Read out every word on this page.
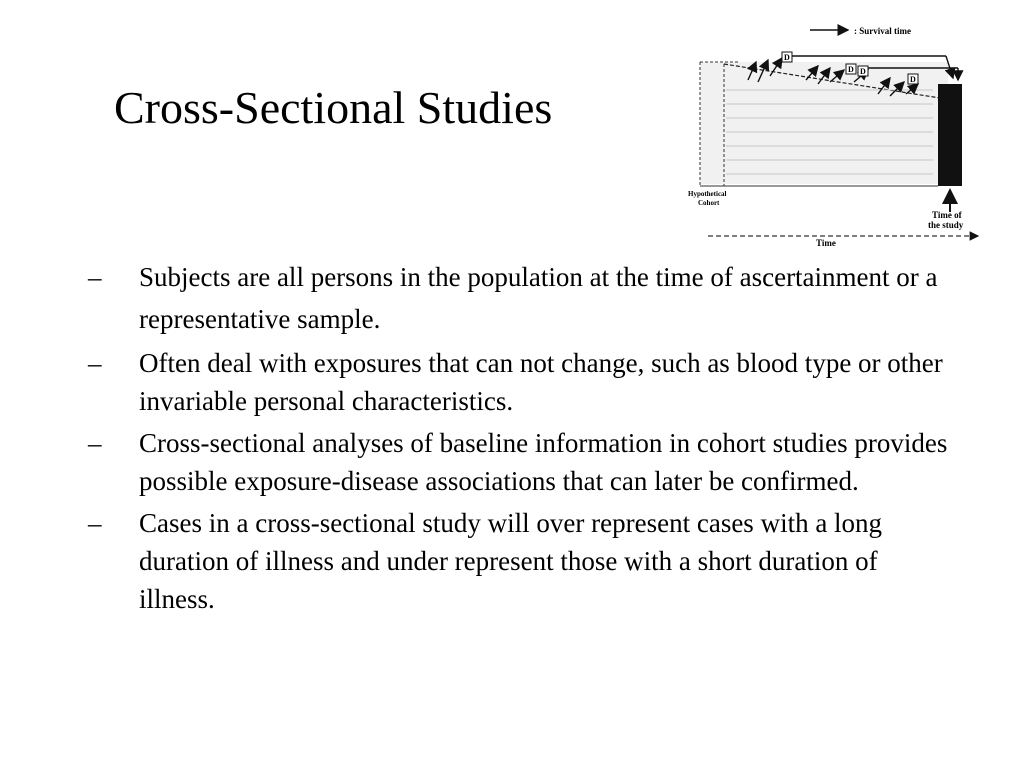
Cross-Sectional Studies
: Survival time
D
D D
D
Time of
the study
Hypothetical
Cohort
Time
– Subjects are all persons in the population at the time of ascertainment or a representative sample.
– Often deal with exposures that can not change, such as blood type or other invariable personal characteristics.
– Cross-sectional analyses of baseline information in cohort studies provides possible exposure-disease associations that can later be confirmed.
– Cases in a cross-sectional study will over represent cases with a long duration of illness and under represent those with a short duration of illness.
